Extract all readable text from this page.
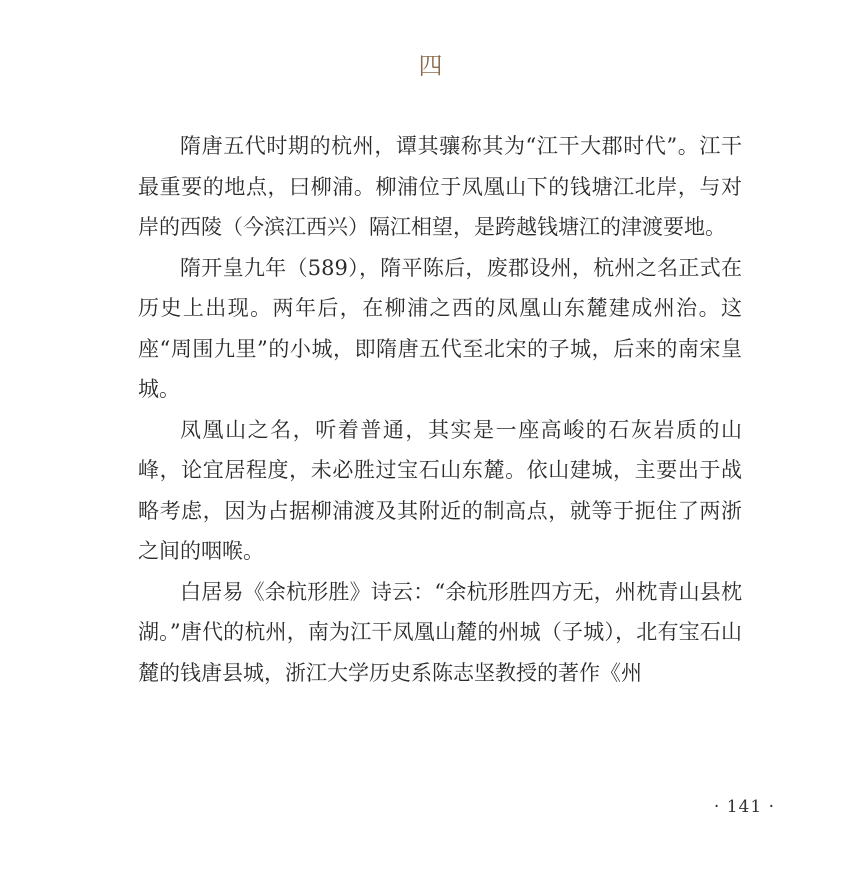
四

隋唐五代时期的杭州，谭其骧称其为“江干大郡时代”。江干最重要的地点，曰柳浦。柳浦位于凤凰山下的钱塘江北岸，与对岸的西陵（今滨江西兴）隔江相望，是跨越钱塘江的津渡要地。

隋开皇九年（589），隋平陈后，废郡设州，杭州之名正式在历史上出现。两年后，在柳浦之西的凤凰山东麓建成州治。这座“周围九里”的小城，即隋唐五代至北宋的子城，后来的南宋皇城。

凤凰山之名，听着普通，其实是一座高峻的石灰岩质的山峰，论宜居程度，未必胜过宝石山东麓。依山建城，主要出于战略考虑，因为占据柳浦渡及其附近的制高点，就等于扼住了两浙之间的咽喉。

白居易《余杭形胜》诗云：“余杭形胜四方无，州枕青山县枕湖。”唐代的杭州，南为江干凤凰山麓的州城（子城），北有宝石山麓的钱唐县城，浙江大学历史系陈志坚教授的著作《州

· 141 ·
